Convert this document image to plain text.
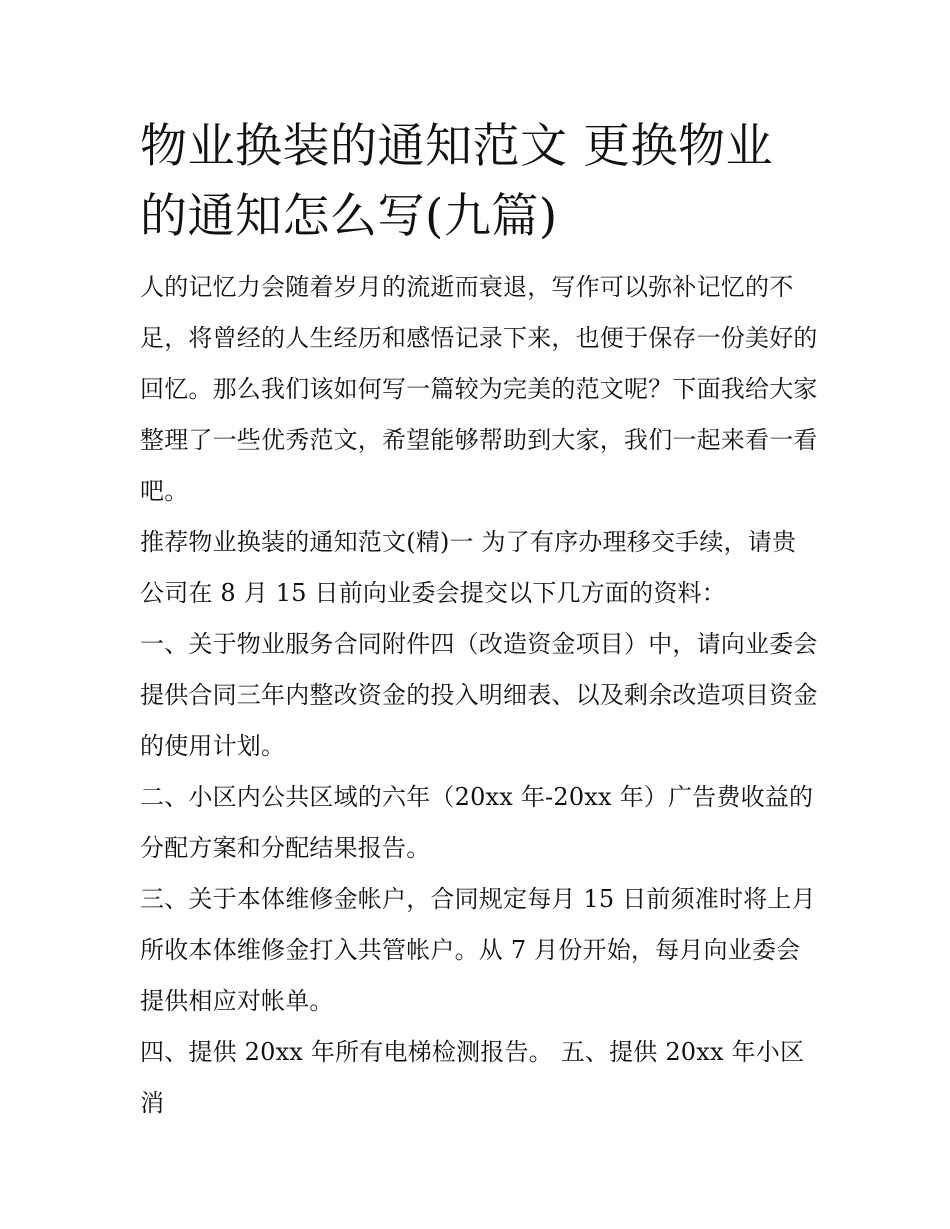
物业换装的通知范文 更换物业的通知怎么写(九篇)

人的记忆力会随着岁月的流逝而衰退，写作可以弥补记忆的不足，将曾经的人生经历和感悟记录下来，也便于保存一份美好的回忆。那么我们该如何写一篇较为完美的范文呢？下面我给大家整理了一些优秀范文，希望能够帮助到大家，我们一起来看一看吧。

推荐物业换装的通知范文(精)一 为了有序办理移交手续，请贵公司在 8 月 15 日前向业委会提交以下几方面的资料：

一、关于物业服务合同附件四（改造资金项目）中，请向业委会提供合同三年内整改资金的投入明细表、以及剩余改造项目资金的使用计划。

二、小区内公共区域的六年（20xx 年-20xx 年）广告费收益的分配方案和分配结果报告。

三、关于本体维修金帐户，合同规定每月 15 日前须准时将上月所收本体维修金打入共管帐户。从 7 月份开始，每月向业委会提供相应对帐单。

四、提供 20xx 年所有电梯检测报告。 五、提供 20xx 年小区消
